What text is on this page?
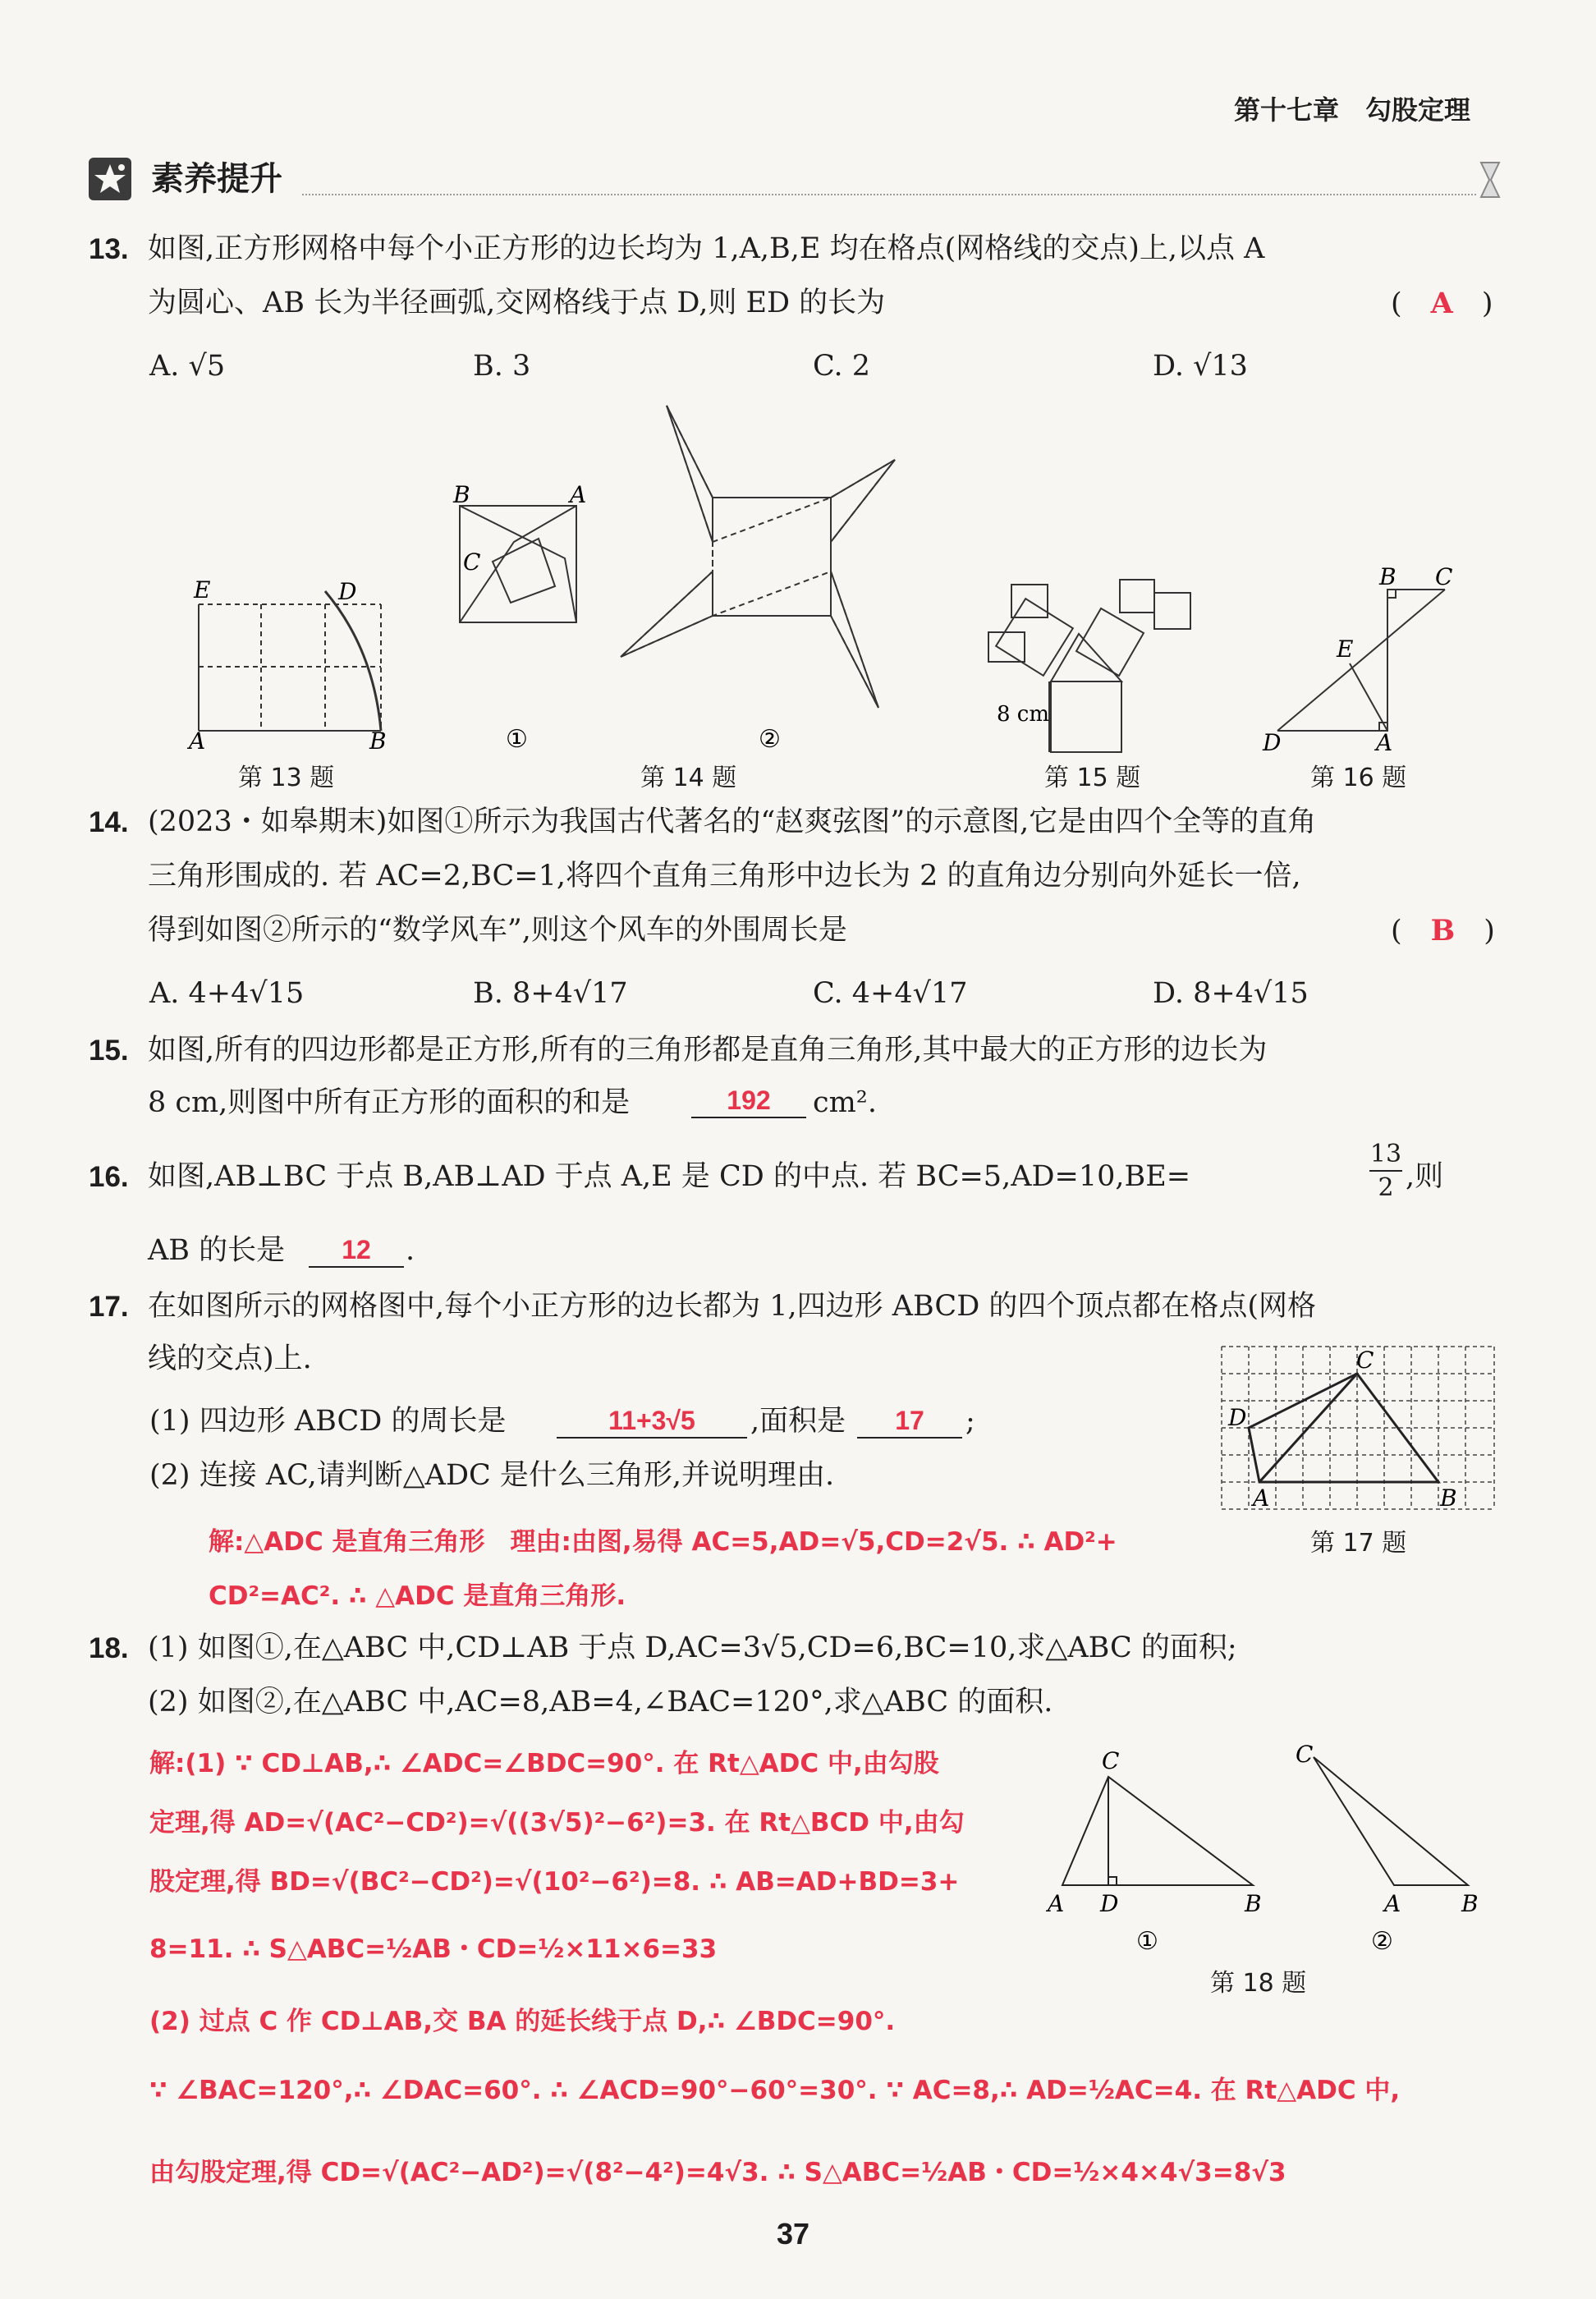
第十七章　勾股定理
素养提升
13. 如图,正方形网格中每个小正方形的边长均为 1,A,B,E 均在格点(网格线的交点)上,以点 A
为圆心、AB 长为半径画弧,交网格线于点 D,则 ED 的长为	(　A　)
A. √5	B. 3	C. 2	D. √13
E	D
A	B
B	A
C
①	②
8 cm
B C
E
D	A
第 13 题	第 14 题	第 15 题	第 16 题
14. (2023・如皋期末)如图①所示为我国古代著名的“赵爽弦图”的示意图,它是由四个全等的直角
三角形围成的. 若 AC=2,BC=1,将四个直角三角形中边长为 2 的直角边分别向外延长一倍,
得到如图②所示的“数学风车”,则这个风车的外围周长是	(　B　)
A. 4+4√15	B. 8+4√17	C. 4+4√17	D. 8+4√15
15. 如图,所有的四边形都是正方形,所有的三角形都是直角三角形,其中最大的正方形的边长为
8 cm,则图中所有正方形的面积的和是	192	cm².
16. 如图,AB⊥BC 于点 B,AB⊥AD 于点 A,E 是 CD 的中点. 若 BC=5,AD=10,BE=
13
2 ,则
AB 的长是	12	.
17. 在如图所示的网格图中,每个小正方形的边长都为 1,四边形 ABCD 的四个顶点都在格点(网格
线的交点)上.
(1) 四边形 ABCD 的周长是	11+3√5	,面积是	17	;
(2) 连接 AC,请判断△ADC 是什么三角形,并说明理由.
解:△ADC 是直角三角形　理由:由图,易得 AC=5,AD=√5,CD=2√5. ∴ AD²+
CD²=AC². ∴ △ADC 是直角三角形.
C
D
A	B
第 17 题
18. (1) 如图①,在△ABC 中,CD⊥AB 于点 D,AC=3√5,CD=6,BC=10,求△ABC 的面积;
(2) 如图②,在△ABC 中,AC=8,AB=4,∠BAC=120°,求△ABC 的面积.
解:(1) ∵ CD⊥AB,∴ ∠ADC=∠BDC=90°. 在 Rt△ADC 中,由勾股
定理,得 AD=√(AC²−CD²)=√((3√5)²−6²)=3. 在 Rt△BCD 中,由勾
股定理,得 BD=√(BC²−CD²)=√(10²−6²)=8. ∴ AB=AD+BD=3+
8=11. ∴ S△ABC=½AB・CD=½×11×6=33
(2) 过点 C 作 CD⊥AB,交 BA 的延长线于点 D,∴ ∠BDC=90°.
∵ ∠BAC=120°,∴ ∠DAC=60°. ∴ ∠ACD=90°−60°=30°. ∵ AC=8,∴ AD=½AC=4. 在 Rt△ADC 中,
由勾股定理,得 CD=√(AC²−AD²)=√(8²−4²)=4√3. ∴ S△ABC=½AB・CD=½×4×4√3=8√3
C
A D	B
C
A	B
①	②
第 18 题
37
